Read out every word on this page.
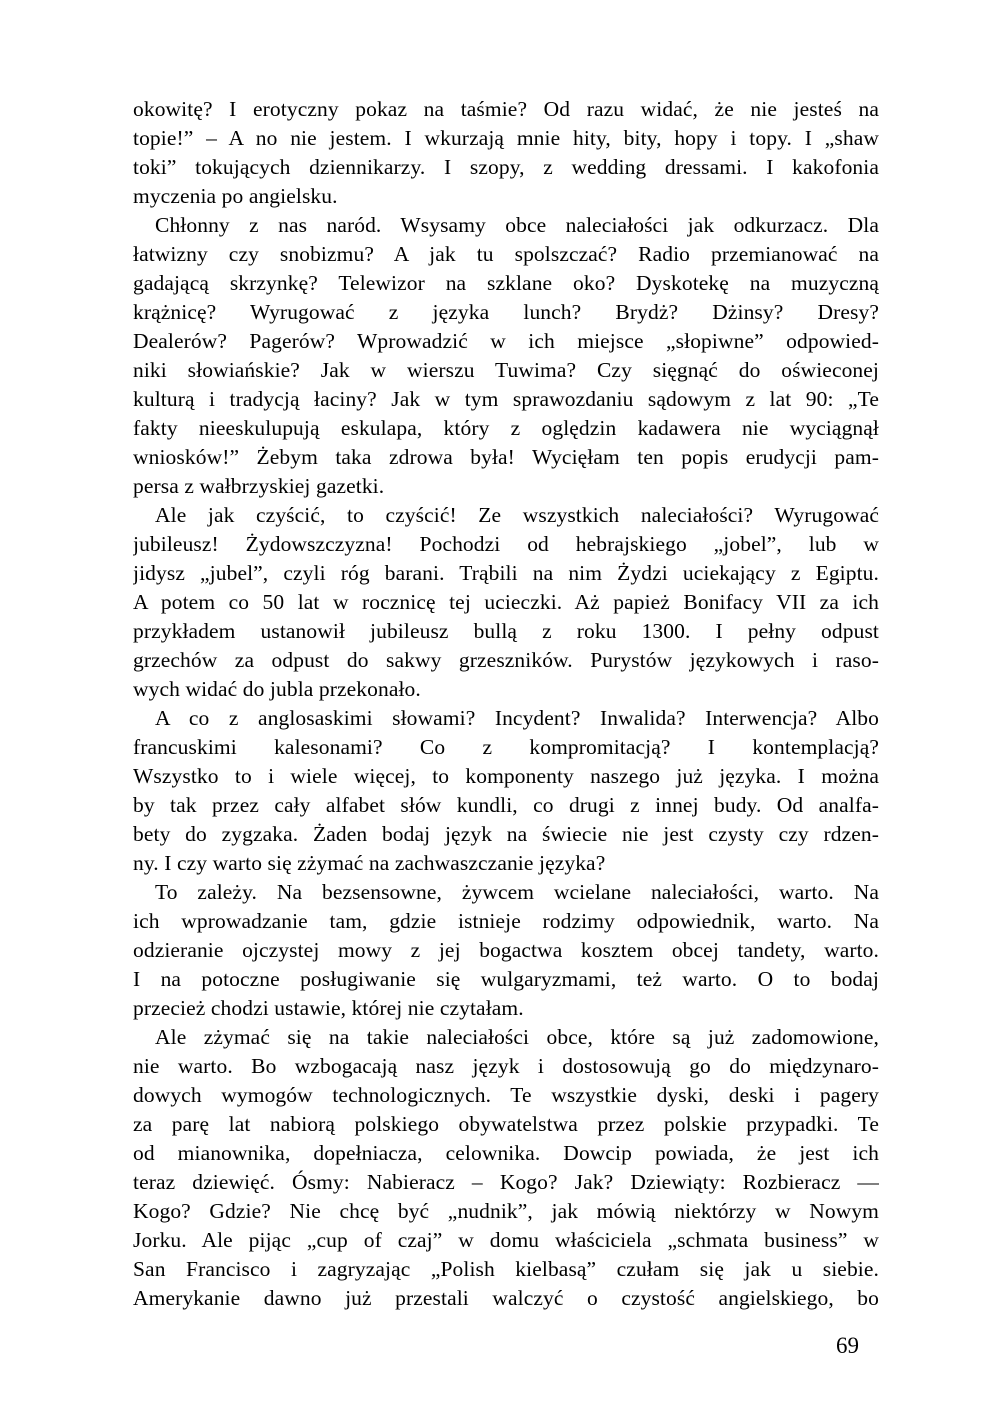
okowitę? I erotyczny pokaz na taśmie? Od razu widać, że nie jesteś na
topie!” – A no nie jestem. I wkurzają mnie hity, bity, hopy i topy. I „shaw
toki” tokujących dziennikarzy. I szopy, z wedding dressami. I kakofonia
myczenia po angielsku.

Chłonny z nas naród. Wsysamy obce naleciałości jak odkurzacz. Dla
łatwizny czy snobizmu? A jak tu spolszczać? Radio przemianować na
gadającą skrzynkę? Telewizor na szklane oko? Dyskotekę na muzyczną
krążnicę? Wyrugować z języka lunch? Brydż? Dżinsy? Dresy?
Dealerów? Pagerów? Wprowadzić w ich miejsce „słopiwne” odpowied-
niki słowiańskie? Jak w wierszu Tuwima? Czy sięgnąć do oświeconej
kulturą i tradycją łaciny? Jak w tym sprawozdaniu sądowym z lat 90: „Te
fakty nieeskulupują eskulapa, który z oględzin kadawera nie wyciągnął
wniosków!” Żebym taka zdrowa była! Wycięłam ten popis erudycji pam-
persa z wałbrzyskiej gazetki.

Ale jak czyścić, to czyścić! Ze wszystkich naleciałości? Wyrugować
jubileusz! Żydowszczyzna! Pochodzi od hebrajskiego „jobel”, lub w
jidysz „jubel”, czyli róg barani. Trąbili na nim Żydzi uciekający z Egiptu.
A potem co 50 lat w rocznicę tej ucieczki. Aż papież Bonifacy VII za ich
przykładem ustanowił jubileusz bullą z roku 1300. I pełny odpust
grzechów za odpust do sakwy grzeszników. Purystów językowych i raso-
wych widać do jubla przekonało.

A co z anglosaskimi słowami? Incydent? Inwalida? Interwencja? Albo
francuskimi kalesonami? Co z kompromitacją? I kontemplacją?
Wszystko to i wiele więcej, to komponenty naszego już języka. I można
by tak przez cały alfabet słów kundli, co drugi z innej budy. Od analfa-
bety do zygzaka. Żaden bodaj język na świecie nie jest czysty czy rdzen-
ny. I czy warto się zżymać na zachwaszczanie języka?

To zależy. Na bezsensowne, żywcem wcielane naleciałości, warto. Na
ich wprowadzanie tam, gdzie istnieje rodzimy odpowiednik, warto. Na
odzieranie ojczystej mowy z jej bogactwa kosztem obcej tandety, warto.
I na potoczne posługiwanie się wulgaryzmami, też warto. O to bodaj
przecież chodzi ustawie, której nie czytałam.

Ale zżymać się na takie naleciałości obce, które są już zadomowione,
nie warto. Bo wzbogacają nasz język i dostosowują go do międzynaro-
dowych wymogów technologicznych. Te wszystkie dyski, deski i pagery
za parę lat nabiorą polskiego obywatelstwa przez polskie przypadki. Te
od mianownika, dopełniacza, celownika. Dowcip powiada, że jest ich
teraz dziewięć. Ósmy: Nabieracz – Kogo? Jak? Dziewiąty: Rozbieracz —
Kogo? Gdzie? Nie chcę być „nudnik”, jak mówią niektórzy w Nowym
Jorku. Ale pijąc „cup of czaj” w domu właściciela „schmata business” w
San Francisco i zagryzając „Polish kielbasą” czułam się jak u siebie.
Amerykanie dawno już przestali walczyć o czystość angielskiego, bo

69
